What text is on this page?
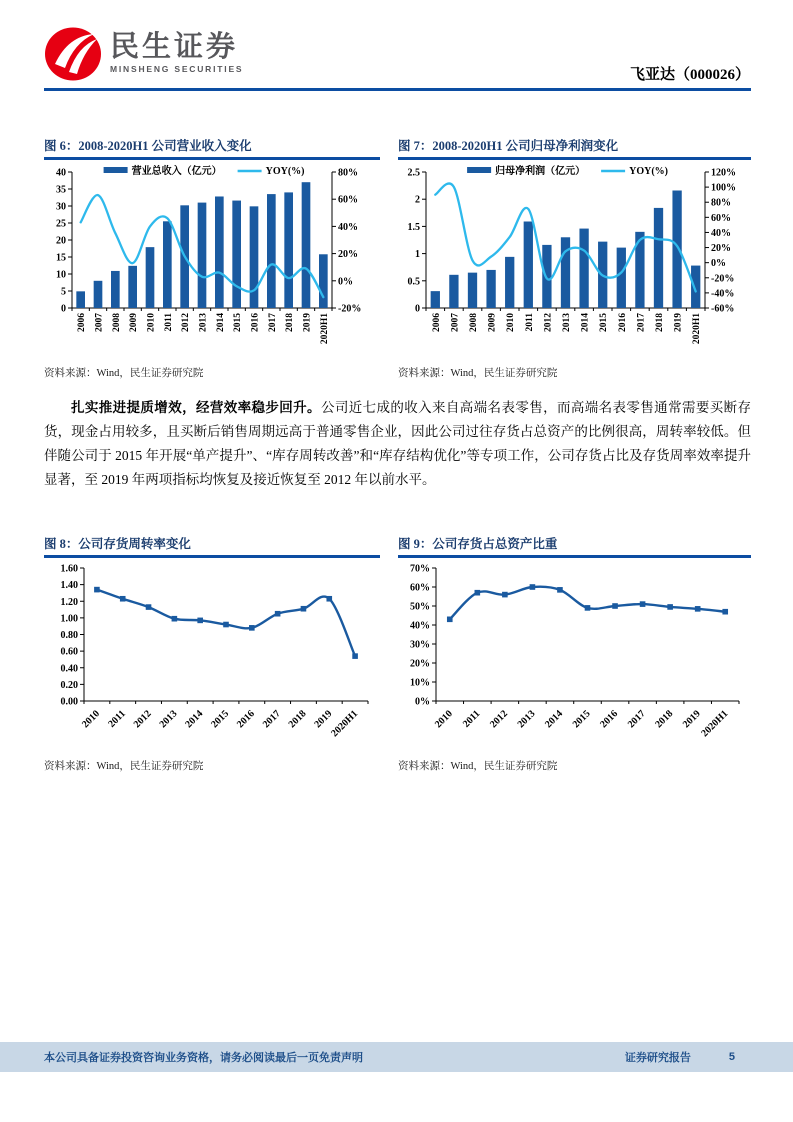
民生证券
MINSHENG SECURITIES	飞亚达（000026）
图 6：2008-2020H1 公司营业收入变化
0
5
10
15
20
25
30
35
40
-20%
0%
20%
40%
60%
80%
2006 2007 2008 2009 2010 2011 2012 2013 2014 2015 2016 2017 2018 2019 2020H1
营业总收入（亿元）	YOY(%)
资料来源：Wind，民生证券研究院
图 7：2008-2020H1 公司归母净利润变化
0
0.5
1
1.5
2
2.5
-60%
-40%
-20%
0%
20%
40%
60%
80%
100%
120%
2006 2007 2008 2009 2010 2011 2012 2013 2014 2015 2016 2017 2018 2019 2020H1
归母净利润（亿元）	YOY(%)
资料来源：Wind，民生证券研究院
扎实推进提质增效，经营效率稳步回升。公司近七成的收入来自高端名表零售，而高端名表零售通常需要买断存货，现金占用较多，且买断后销售周期远高于普通零售企业，因此公司过往存货占总资产的比例很高，周转率较低。但伴随公司于 2015 年开展“单产提升”、“库存周转改善”和“库存结构优化”等专项工作，公司存货占比及存货周率效率提升显著，至 2019 年两项指标均恢复及接近恢复至 2012 年以前水平。
图 8：公司存货周转率变化
0.00
0.20
0.40
0.60
0.80
1.00
1.20
1.40
1.60
2010 2011 2012 2013 2014 2015 2016 2017 2018 2019
2020H1
资料来源：Wind，民生证券研究院
图 9：公司存货占总资产比重
0%
10%
20%
30%
40%
50%
60%
70%
2010 2011 2012 2013 2014 2015 2016 2017 2018 2019
2020H1
资料来源：Wind，民生证券研究院
本公司具备证券投资咨询业务资格，请务必阅读最后一页免责声明	证券研究报告	5
